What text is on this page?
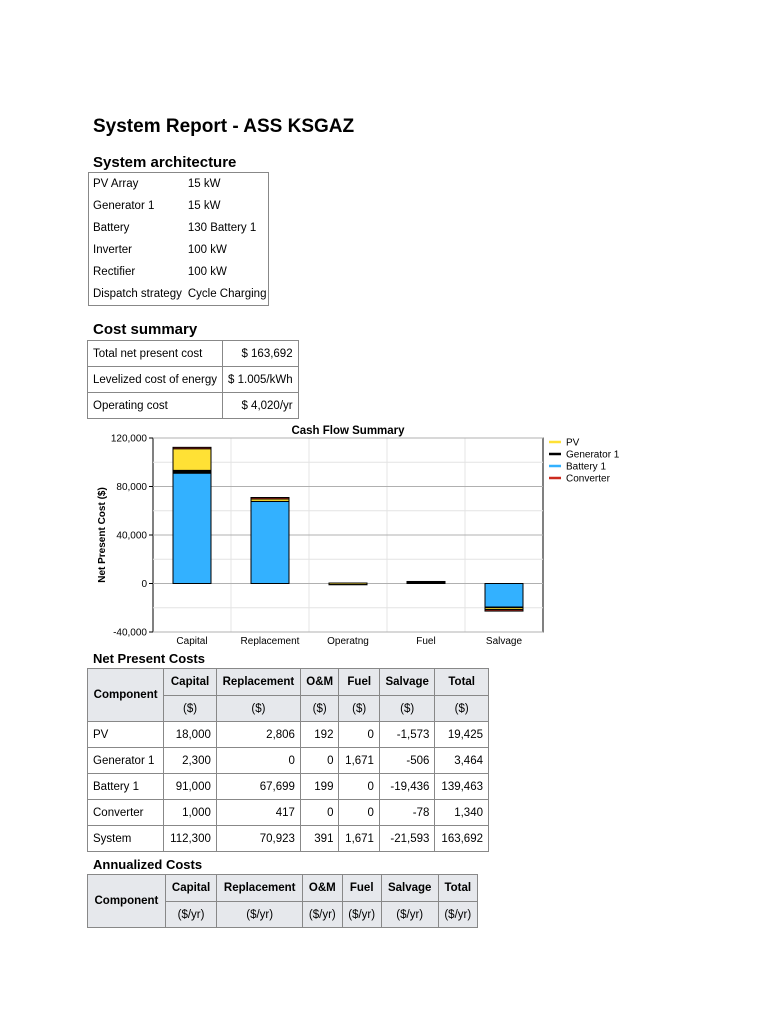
System Report - ASS KSGAZ
System architecture
PV Array	15 kW
Generator 1	15 kW
Battery	130 Battery 1
Inverter	100 kW
Rectifier	100 kW
Dispatch strategy	Cycle Charging
Cost summary
Total net present cost	$ 163,692
Levelized cost of energy	$ 1.005/kWh
Operating cost	$ 4,020/yr
-40,000
0
40,000
80,000
120,000
Cash Flow Summary
Net Present Cost ($)
Capital	Replacement	Operatng	Fuel	Salvage
PV
Generator 1
Battery 1
Converter
Net Present Costs
Component	Capital	Replacement	O&M	Fuel	Salvage	Total
	($)	($)	($)	($)	($)	($)
PV	18,000	2,806	192	0	-1,573	19,425
Generator 1	2,300	0	0	1,671	-506	3,464
Battery 1	91,000	67,699	199	0	-19,436	139,463
Converter	1,000	417	0	0	-78	1,340
System	112,300	70,923	391	1,671	-21,593	163,692
Annualized Costs
Component	Capital	Replacement	O&M	Fuel	Salvage	Total
	($/yr)	($/yr)	($/yr)	($/yr)	($/yr)	($/yr)
